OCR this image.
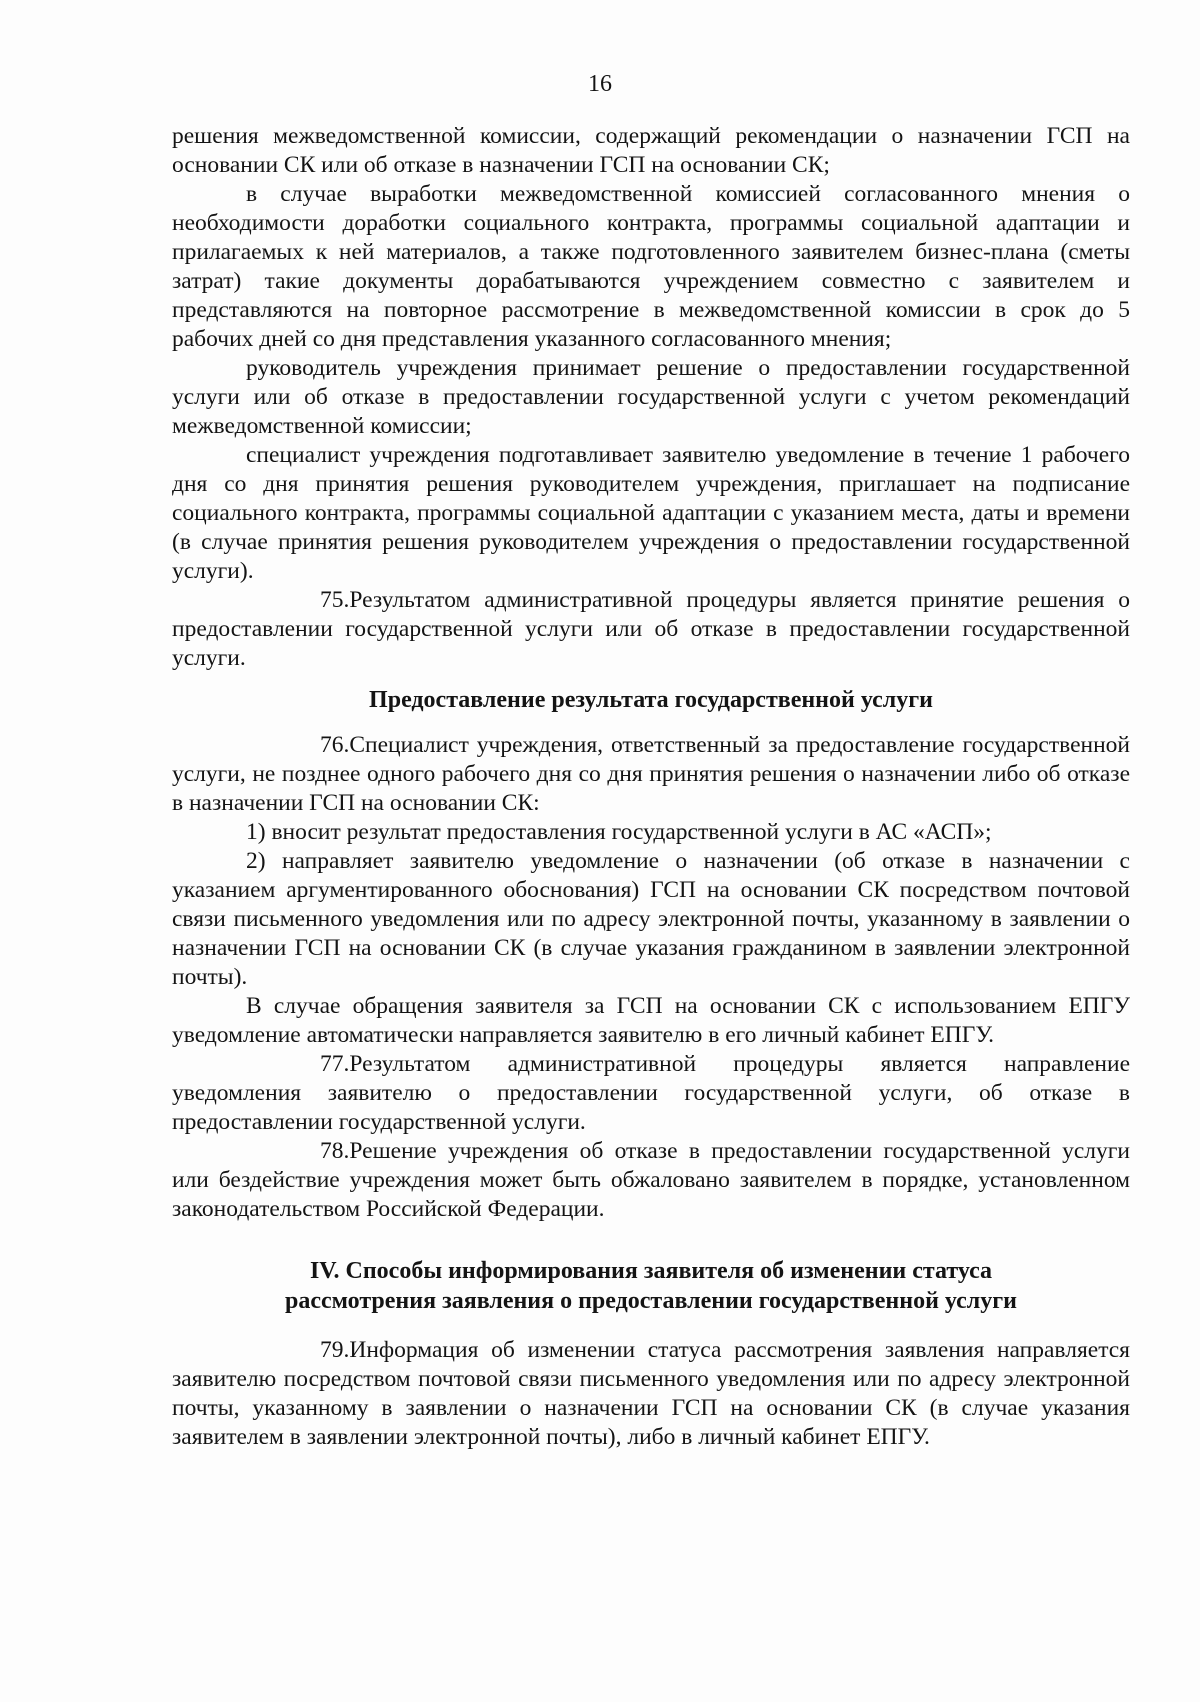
16

решения межведомственной комиссии, содержащий рекомендации о назначении ГСП на основании СК или об отказе в назначении ГСП на основании СК;

в случае выработки межведомственной комиссией согласованного мнения о необходимости доработки социального контракта, программы социальной адаптации и прилагаемых к ней материалов, а также подготовленного заявителем бизнес-плана (сметы затрат) такие документы дорабатываются учреждением совместно с заявителем и представляются на повторное рассмотрение в межведомственной комиссии в срок до 5 рабочих дней со дня представления указанного согласованного мнения;

руководитель учреждения принимает решение о предоставлении государственной услуги или об отказе в предоставлении государственной услуги с учетом рекомендаций межведомственной комиссии;

специалист учреждения подготавливает заявителю уведомление в течение 1 рабочего дня со дня принятия решения руководителем учреждения, приглашает на подписание социального контракта, программы социальной адаптации с указанием места, даты и времени (в случае принятия решения руководителем учреждения о предоставлении государственной услуги).

75.Результатом административной процедуры является принятие решения о предоставлении государственной услуги или об отказе в предоставлении государственной услуги.

Предоставление результата государственной услуги

76.Специалист учреждения, ответственный за предоставление государственной услуги, не позднее одного рабочего дня со дня принятия решения о назначении либо об отказе в назначении ГСП на основании СК:

1) вносит результат предоставления государственной услуги в АС «АСП»;

2) направляет заявителю уведомление о назначении (об отказе в назначении с указанием аргументированного обоснования) ГСП на основании СК посредством почтовой связи письменного уведомления или по адресу электронной почты, указанному в заявлении о назначении ГСП на основании СК (в случае указания гражданином в заявлении электронной почты).

В случае обращения заявителя за ГСП на основании СК с использованием ЕПГУ уведомление автоматически направляется заявителю в его личный кабинет ЕПГУ.

77.Результатом административной процедуры является направление уведомления заявителю о предоставлении государственной услуги, об отказе в предоставлении государственной услуги.

78.Решение учреждения об отказе в предоставлении государственной услуги или бездействие учреждения может быть обжаловано заявителем в порядке, установленном законодательством Российской Федерации.

IV. Способы информирования заявителя об изменении статуса
рассмотрения заявления о предоставлении государственной услуги

79.Информация об изменении статуса рассмотрения заявления направляется заявителю посредством почтовой связи письменного уведомления или по адресу электронной почты, указанному в заявлении о назначении ГСП на основании СК (в случае указания заявителем в заявлении электронной почты), либо в личный кабинет ЕПГУ.
